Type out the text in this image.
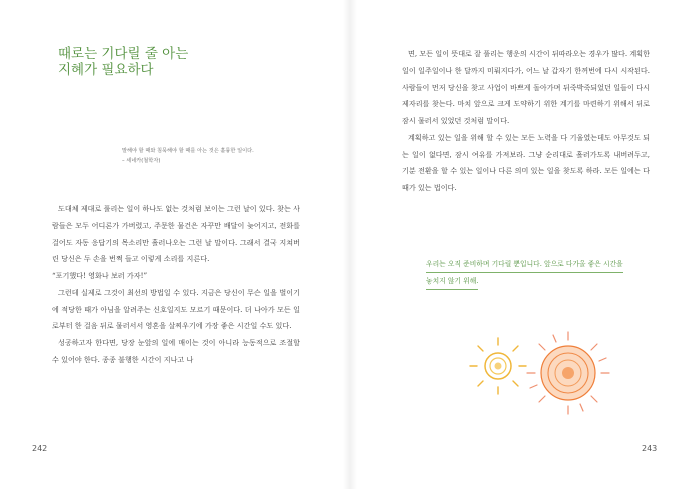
때로는 기다릴 줄 아는
지혜가 필요하다
말해야 할 때와 침묵해야 할 때를 아는 것은 훌륭한 일이다.
– 세네카(철학자)

도대체 제대로 풀리는 일이 하나도 없는 것처럼 보이는 그런 날이 있다. 찾는 사람들은 모두 어디론가 가버렸고, 주문한 물건은 자꾸만 배달이 늦어지고, 전화를 걸어도 자동 응답기의 목소리만 흘러나오는 그런 날 말이다. 그래서 결국 지쳐버린 당신은 두 손을 번쩍 들고 이렇게 소리를 지른다.

“포기했다! 영화나 보러 가자!”

그런데 실제로 그것이 최선의 방법일 수 있다. 지금은 당신이 무슨 일을 벌이기에 적당한 때가 아님을 알려주는 신호일지도 모르기 때문이다. 더 나아가 모든 일로부터 한 걸음 뒤로 물러서서 영혼을 살찌우기에 가장 좋은 시간일 수도 있다.

성공하고자 한다면, 당장 눈앞의 일에 매이는 것이 아니라 능동적으로 조절할 수 있어야 한다. 종종 불행한 시간이 지나고 나

242

면, 모든 일이 뜻대로 잘 풀리는 행운의 시간이 뒤따라오는 경우가 많다. 계획한 일이 일주일이나 한 달까지 미뤄지다가, 어느 날 갑자기 한꺼번에 다시 시작된다. 사람들이 먼저 당신을 찾고 사업이 바쁘게 돌아가며 뒤죽박죽되었던 일들이 다시 제자리를 찾는다. 마치 앞으로 크게 도약하기 위한 계기를 마련하기 위해서 뒤로 잠시 물러서 있었던 것처럼 말이다.

계획하고 있는 일을 위해 할 수 있는 모든 노력을 다 기울였는데도 아무것도 되는 일이 없다면, 잠시 여유를 가져보라. 그냥 순리대로 흘러가도록 내버려두고, 기분 전환을 할 수 있는 일이나 다른 의미 있는 일을 찾도록 하라. 모든 일에는 다 때가 있는 법이다.

우리는 오직 준비하며 기다릴 뿐입니다. 앞으로 다가올 좋은 시간을
놓치지 않기 위해.
243
